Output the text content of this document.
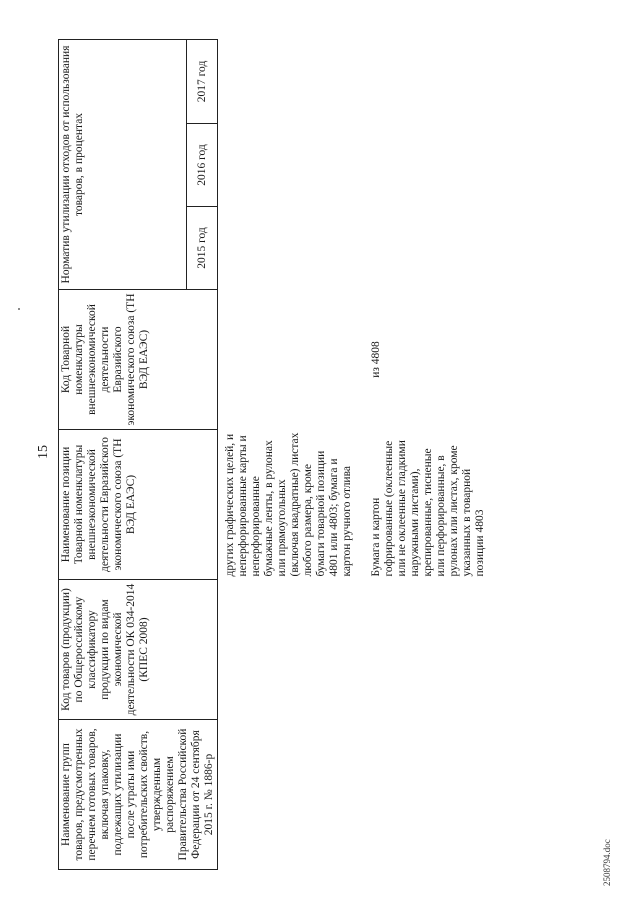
15
Наименование групп товаров, предусмотренных перечнем готовых товаров, включая упаковку, подлежащих утилизации после утраты ими потребительских свойств, утвержденным распоряжением Правительства Российской Федерации от 24 сентября 2015 г. № 1886-р	Код товаров (продукции) по Общероссийскому классификатору продукции по видам экономической деятельности ОК 034-2014 (КПЕС 2008)	Наименование позиции Товарной номенклатуры внешнеэкономической деятельности Евразийского экономического союза (ТН ВЭД ЕАЭС)	Код Товарной номенклатуры внешнеэкономической деятельности Евразийского экономического союза (ТН ВЭД ЕАЭС)	Норматив утилизации отходов от использования товаров, в процентах		
				2015 год	2016 год	2017 год
		других графических целей, и неперфорированные карты и неперфорированные бумажные ленты, в рулонах или прямоугольных (включая квадратные) листах любого размера, кроме бумаги товарной позиции 4801 или 4803; бумага и картон ручного отлива				

		Бумага и картон гофрированные (оклеенные или не оклеенные гладкими наружными листами), крепированные, тисненые или перфорированные, в рулонах или листах, кроме указанных в товарной позиции 4803	из 4808			
2508794.doc
